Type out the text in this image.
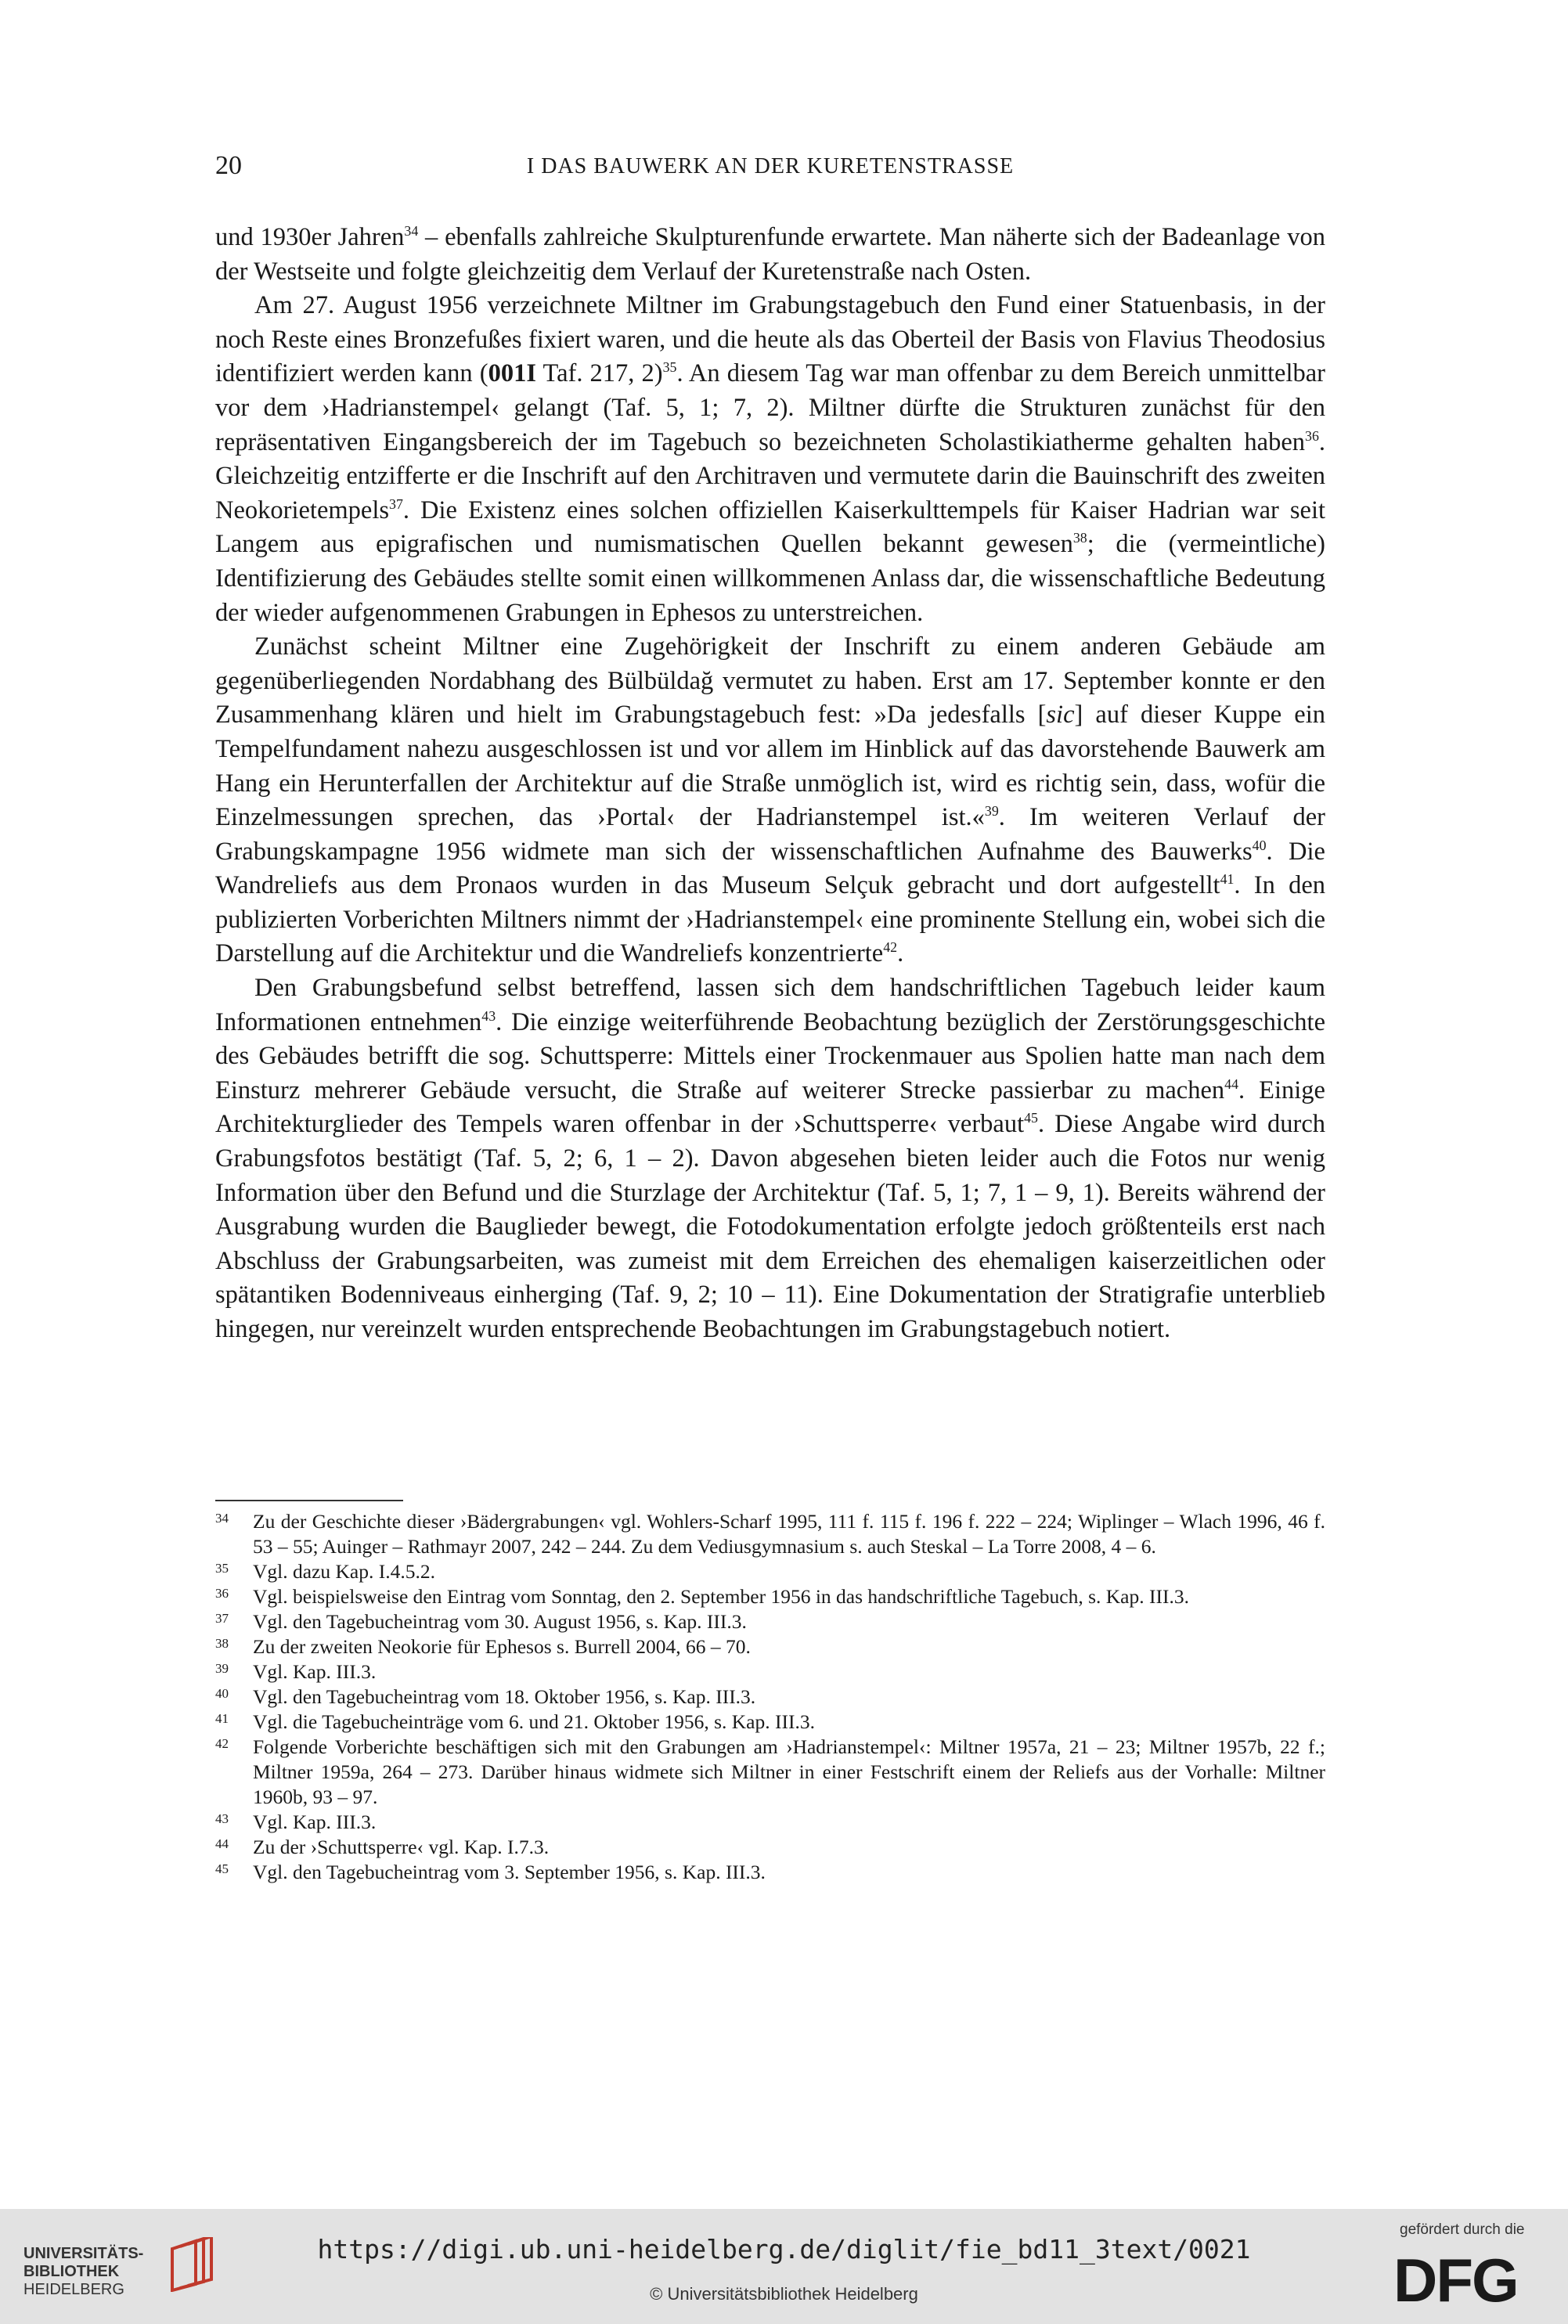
20	I DAS BAUWERK AN DER KURETENSTRASSE

und 1930er Jahren$^{34}$ – ebenfalls zahlreiche Skulpturenfunde erwartete. Man näherte sich der Badeanlage von der Westseite und folgte gleichzeitig dem Verlauf der Kuretenstraße nach Osten.

Am 27. August 1956 verzeichnete Miltner im Grabungstagebuch den Fund einer Statuenbasis, in der noch Reste eines Bronzefußes fixiert waren, und die heute als das Oberteil der Basis von Flavius Theodosius identifiziert werden kann (001I Taf. 217, 2)$^{35}$. An diesem Tag war man offenbar zu dem Bereich unmittelbar vor dem ›Hadrianstempel‹ gelangt (Taf. 5, 1; 7, 2). Miltner dürfte die Strukturen zunächst für den repräsentativen Eingangsbereich der im Tagebuch so bezeichneten Scholastikiatherme gehalten haben$^{36}$. Gleichzeitig entzifferte er die Inschrift auf den Architraven und vermutete darin die Bauinschrift des zweiten Neokorietempels$^{37}$. Die Existenz eines solchen offiziellen Kaiserkulttempels für Kaiser Hadrian war seit Langem aus epigrafischen und numismatischen Quellen bekannt gewesen$^{38}$; die (vermeintliche) Identifizierung des Gebäudes stellte somit einen willkommenen Anlass dar, die wissenschaftliche Bedeutung der wieder aufgenommenen Grabungen in Ephesos zu unterstreichen.

Zunächst scheint Miltner eine Zugehörigkeit der Inschrift zu einem anderen Gebäude am gegenüberliegenden Nordabhang des Bülbüldağ vermutet zu haben. Erst am 17. September konnte er den Zusammenhang klären und hielt im Grabungstagebuch fest: »Da jedesfalls [sic] auf dieser Kuppe ein Tempelfundament nahezu ausgeschlossen ist und vor allem im Hinblick auf das davorstehende Bauwerk am Hang ein Herunterfallen der Architektur auf die Straße unmöglich ist, wird es richtig sein, dass, wofür die Einzelmessungen sprechen, das ›Portal‹ der Hadrianstempel ist.«$^{39}$. Im weiteren Verlauf der Grabungskampagne 1956 widmete man sich der wissenschaftlichen Aufnahme des Bauwerks$^{40}$. Die Wandreliefs aus dem Pronaos wurden in das Museum Selçuk gebracht und dort aufgestellt$^{41}$. In den publizierten Vorberichten Miltners nimmt der ›Hadrianstempel‹ eine prominente Stellung ein, wobei sich die Darstellung auf die Architektur und die Wandreliefs konzentrierte$^{42}$.

Den Grabungsbefund selbst betreffend, lassen sich dem handschriftlichen Tagebuch leider kaum Informationen entnehmen$^{43}$. Die einzige weiterführende Beobachtung bezüglich der Zerstörungsgeschichte des Gebäudes betrifft die sog. Schuttsperre: Mittels einer Trockenmauer aus Spolien hatte man nach dem Einsturz mehrerer Gebäude versucht, die Straße auf weiterer Strecke passierbar zu machen$^{44}$. Einige Architekturglieder des Tempels waren offenbar in der ›Schuttsperre‹ verbaut$^{45}$. Diese Angabe wird durch Grabungsfotos bestätigt (Taf. 5, 2; 6, 1 – 2). Davon abgesehen bieten leider auch die Fotos nur wenig Information über den Befund und die Sturzlage der Architektur (Taf. 5, 1; 7, 1 – 9, 1). Bereits während der Ausgrabung wurden die Bauglieder bewegt, die Fotodokumentation erfolgte jedoch größtenteils erst nach Abschluss der Grabungsarbeiten, was zumeist mit dem Erreichen des ehemaligen kaiserzeitlichen oder spätantiken Bodenniveaus einherging (Taf. 9, 2; 10 – 11). Eine Dokumentation der Stratigrafie unterblieb hingegen, nur vereinzelt wurden entsprechende Beobachtungen im Grabungstagebuch notiert.

34 Zu der Geschichte dieser ›Bädergrabungen‹ vgl. Wohlers-Scharf 1995, 111 f. 115 f. 196 f. 222 – 224; Wiplinger – Wlach 1996, 46 f. 53 – 55; Auinger – Rathmayr 2007, 242 – 244. Zu dem Vediusgymnasium s. auch Steskal – La Torre 2008, 4 – 6.
35 Vgl. dazu Kap. I.4.5.2.
36 Vgl. beispielsweise den Eintrag vom Sonntag, den 2. September 1956 in das handschriftliche Tagebuch, s. Kap. III.3.
37 Vgl. den Tagebucheintrag vom 30. August 1956, s. Kap. III.3.
38 Zu der zweiten Neokorie für Ephesos s. Burrell 2004, 66 – 70.
39 Vgl. Kap. III.3.
40 Vgl. den Tagebucheintrag vom 18. Oktober 1956, s. Kap. III.3.
41 Vgl. die Tagebucheinträge vom 6. und 21. Oktober 1956, s. Kap. III.3.
42 Folgende Vorberichte beschäftigen sich mit den Grabungen am ›Hadrianstempel‹: Miltner 1957a, 21 – 23; Miltner 1957b, 22 f.; Miltner 1959a, 264 – 273. Darüber hinaus widmete sich Miltner in einer Festschrift einem der Reliefs aus der Vorhalle: Miltner 1960b, 93 – 97.
43 Vgl. Kap. III.3.
44 Zu der ›Schuttsperre‹ vgl. Kap. I.7.3.
45 Vgl. den Tagebucheintrag vom 3. September 1956, s. Kap. III.3.
UNIVERSITÄTS-
BIBLIOTHEK
HEIDELBERG
https://digi.ub.uni-heidelberg.de/diglit/fie_bd11_3text/0021
© Universitätsbibliothek Heidelberg
gefördert durch die
DFG
